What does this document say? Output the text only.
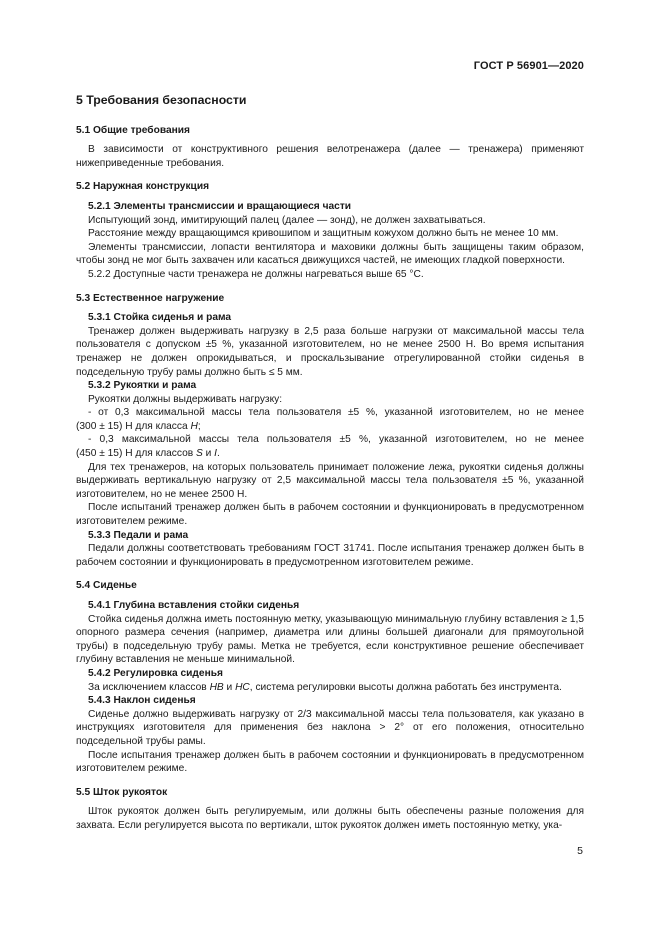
ГОСТ Р 56901—2020
5 Требования безопасности
5.1 Общие требования

В зависимости от конструктивного решения велотренажера (далее — тренажера) применяют нижеприведенные требования.

5.2 Наружная конструкция
5.2.1 Элементы трансмиссии и вращающиеся части

Испытующий зонд, имитирующий палец (далее — зонд), не должен захватываться.

Расстояние между вращающимся кривошипом и защитным кожухом должно быть не менее 10 мм.

Элементы трансмиссии, лопасти вентилятора и маховики должны быть защищены таким образом, чтобы зонд не мог быть захвачен или касаться движущихся частей, не имеющих гладкой поверхности.

5.2.2 Доступные части тренажера не должны нагреваться выше 65 °С.

5.3 Естественное нагружение
5.3.1 Стойка сиденья и рама

Тренажер должен выдерживать нагрузку в 2,5 раза больше нагрузки от максимальной массы тела пользователя с допуском ±5 %, указанной изготовителем, но не менее 2500 Н. Во время испытания тренажер не должен опрокидываться, и проскальзывание отрегулированной стойки сиденья в подседельную трубу рамы должно быть ≤ 5 мм.

5.3.2 Рукоятки и рама

Рукоятки должны выдерживать нагрузку:

- от 0,3 максимальной массы тела пользователя ±5 %, указанной изготовителем, но не менее

(300 ± 15) Н для класса Н;

- 0,3 максимальной массы тела пользователя ±5 %, указанной изготовителем, но не менее

(450 ± 15) Н для классов S и I.

Для тех тренажеров, на которых пользователь принимает положение лежа, рукоятки сиденья должны выдерживать вертикальную нагрузку от 2,5 максимальной массы тела пользователя ±5 %, указанной изготовителем, но не менее 2500 Н.

После испытаний тренажер должен быть в рабочем состоянии и функционировать в предусмотренном изготовителем режиме.

5.3.3 Педали и рама

Педали должны соответствовать требованиям ГОСТ 31741. После испытания тренажер должен быть в рабочем состоянии и функционировать в предусмотренном изготовителем режиме.

5.4 Сиденье
5.4.1 Глубина вставления стойки сиденья

Стойка сиденья должна иметь постоянную метку, указывающую минимальную глубину вставления ≥ 1,5 опорного размера сечения (например, диаметра или длины большей диагонали для прямоугольной трубы) в подседельную трубу рамы. Метка не требуется, если конструктивное решение обеспечивает глубину вставления не меньше минимальной.

5.4.2 Регулировка сиденья

За исключением классов НВ и НС, система регулировки высоты должна работать без инструмента.

5.4.3 Наклон сиденья

Сиденье должно выдерживать нагрузку от 2/3 максимальной массы тела пользователя, как указано в инструкциях изготовителя для применения без наклона > 2° от его положения, относительно подседельной трубы рамы.

После испытания тренажер должен быть в рабочем состоянии и функционировать в предусмотренном изготовителем режиме.

5.5 Шток рукояток

Шток рукояток должен быть регулируемым, или должны быть обеспечены разные положения для захвата. Если регулируется высота по вертикали, шток рукояток должен иметь постоянную метку, ука-

5
